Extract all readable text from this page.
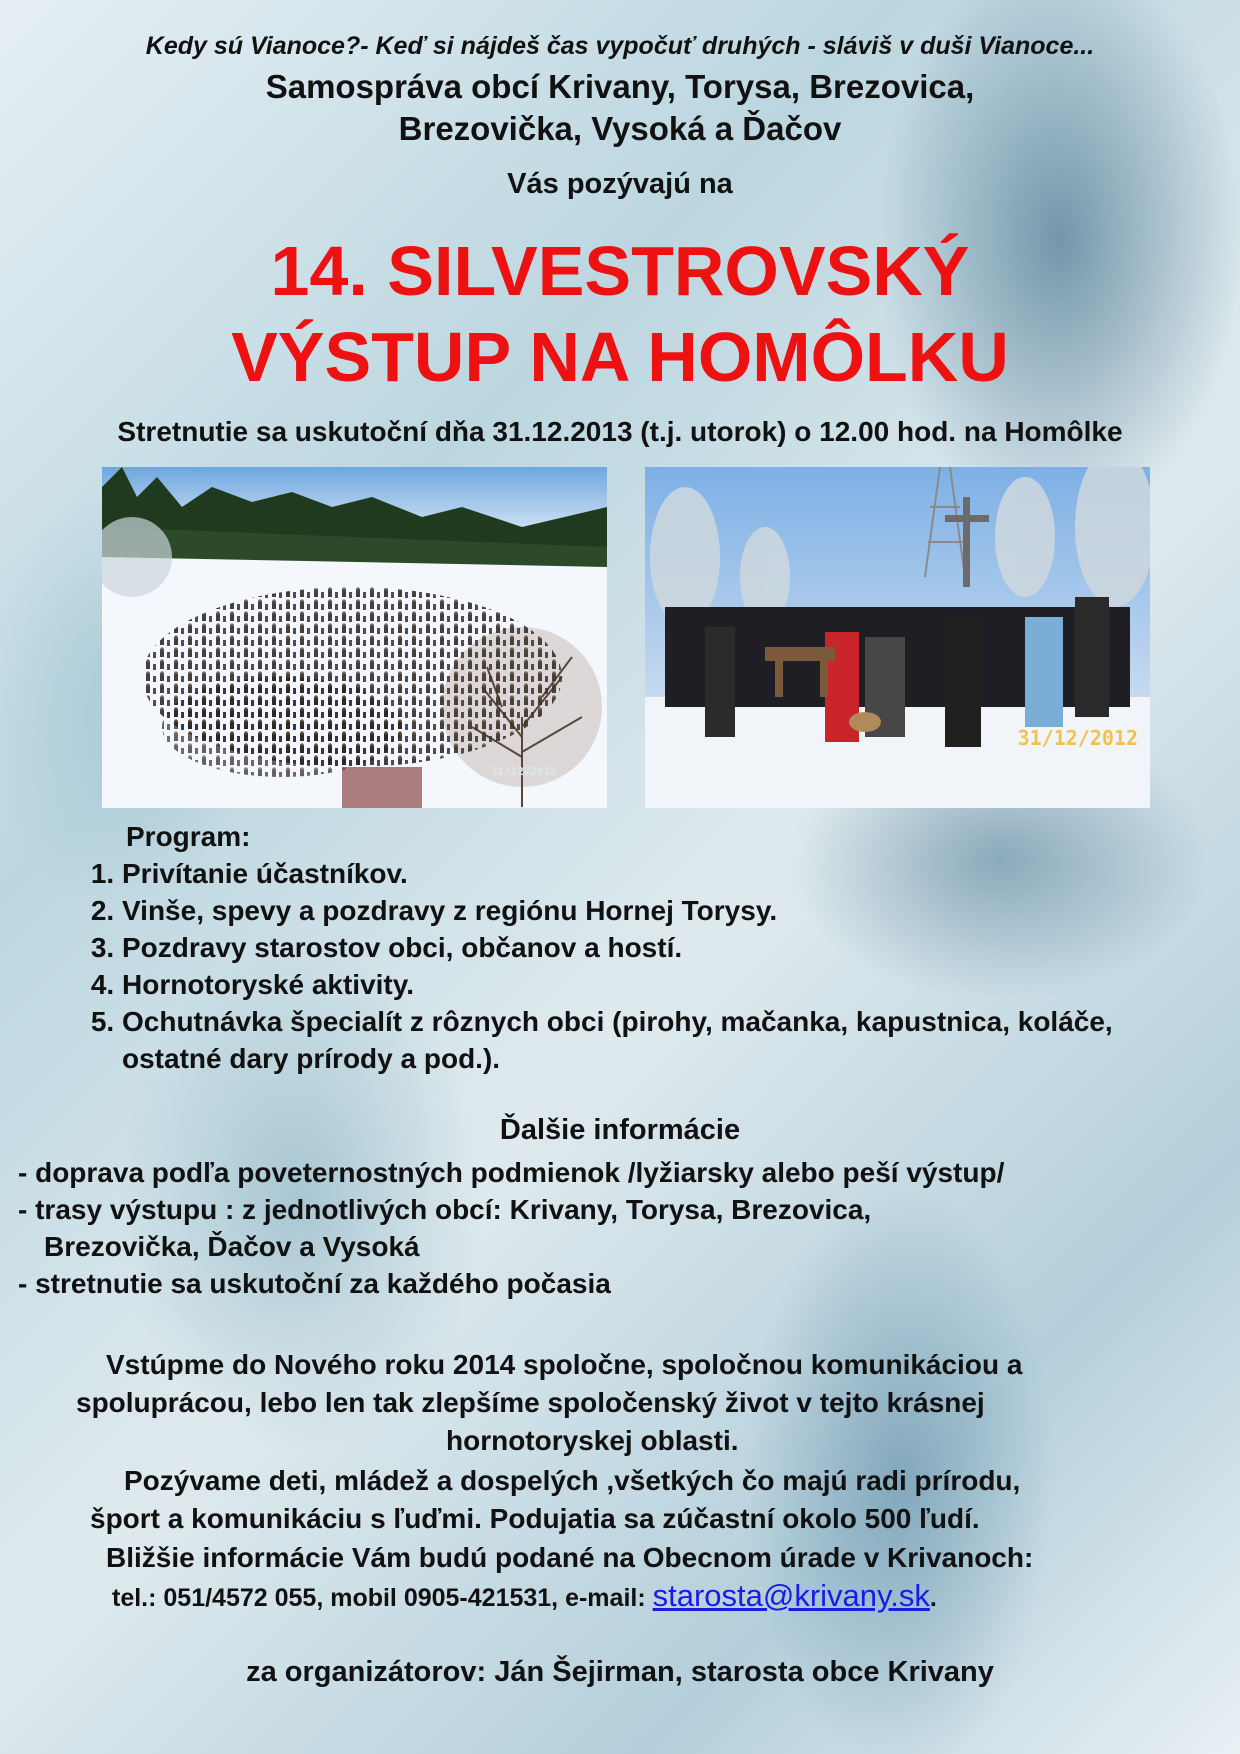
Kedy sú Vianoce?- Keď si nájdeš čas vypočuť druhých - sláviš v duši Vianoce...
Samospráva obcí Krivany, Torysa, Brezovica,
Brezovička, Vysoká a Ďačov
Vás pozývajú na
14. SILVESTROVSKÝ
VÝSTUP NA HOMÔLKU
Stretnutie sa uskutoční dňa 31.12.2013 (t.j. utorok) o 12.00 hod. na Homôlke
31/12/2012
31/12/2012
Program:
1. Privítanie účastníkov.
2. Vinše, spevy a pozdravy z regiónu Hornej Torysy.
3. Pozdravy starostov obci, občanov a hostí.
4. Hornotoryské aktivity.
5. Ochutnávka špecialít z rôznych obci (pirohy, mačanka, kapustnica, koláče, ostatné dary prírody a pod.).
Ďalšie informácie
- doprava podľa poveternostných podmienok /lyžiarsky alebo peší výstup/
- trasy výstupu : z jednotlivých obcí: Krivany, Torysa, Brezovica,
Brezovička, Ďačov a Vysoká
- stretnutie sa uskutoční za každého počasia
Vstúpme do Nového roku 2014 spoločne, spoločnou komunikáciou a
spoluprácou, lebo len tak zlepšíme spoločenský život v tejto krásnej
hornotoryskej oblasti.
Pozývame deti, mládež a dospelých ,všetkých čo majú radi prírodu,
šport a komunikáciu s ľuďmi. Podujatia sa zúčastní okolo 500 ľudí.
Bližšie informácie Vám budú podané na Obecnom úrade v Krivanoch:
tel.: 051/4572 055, mobil 0905-421531, e-mail: starosta@krivany.sk.
za organizátorov: Ján Šejirman, starosta obce Krivany
